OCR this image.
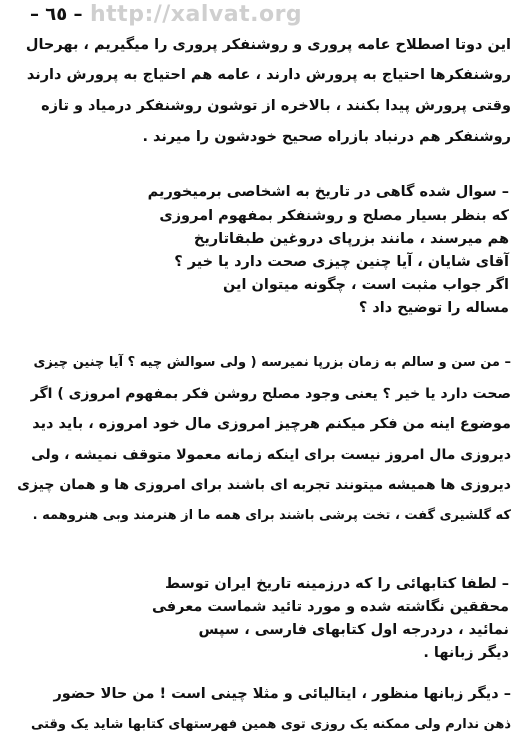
– ٦٥ – http://xalvat.org
این دوتا اصطلاح عامه پروری و روشنفکر پروری را میگیریم ، بهرحال
روشنفکرها احتیاج به پرورش دارند ، عامه هم احتیاج به پرورش دارند
وقتی پرورش پیدا بکنند ، بالاخره از توشون روشنفکر درمیاد و تازه
روشنفکر هم درنباد بازراه صحیح خودشون را میرند .
– سوال شده گاهی در تاریخ به اشخاصی برمیخوریم
که بنظر بسیار مصلح و روشنفکر بمفهوم امروزی
هم میرسند ، مانند بزرپای دروغین طبقاتاریخ
آقای شایان ، آیا چنین چیزی صحت دارد یا خیر ؟
اگر جواب مثبت است ، چگونه میتوان این
مساله را توضیح داد ؟
– من سن و سالم به زمان بزرپا نمیرسه ( ولی سوالش چیه ؟ آیا چنین چیزی
صحت دارد یا خیر ؟ یعنی وجود مصلح روشن فکر بمفهوم امروزی ) اگر
موضوع اینه من فکر میکنم هرچیز امروزی مال خود امروزه ، باید دید
دیروزی مال امروز نیست برای اینکه زمانه معمولا متوقف نمیشه ، ولی
دیروزی ها همیشه میتونند تجربه ای باشند برای امروزی ها و همان چیزی
که گلشیری گفت ، تخت پرشی باشند برای همه ما از هنرمند وبی هنروهمه .
– لطفا کتابهائی را که درزمینه تاریخ ایران توسط
محققین نگاشته شده و مورد تائید شماست معرفی
نمائید ، دردرجه اول کتابهای فارسی ، سپس
دیگر زبانها .
– دیگر زبانها منظور ، ایتالیائی و مثلا چینی است ! من حالا حضور
ذهن ندارم ولی ممکنه یک روزی توی همین فهرستهای کتابها شاید یک وقتی
